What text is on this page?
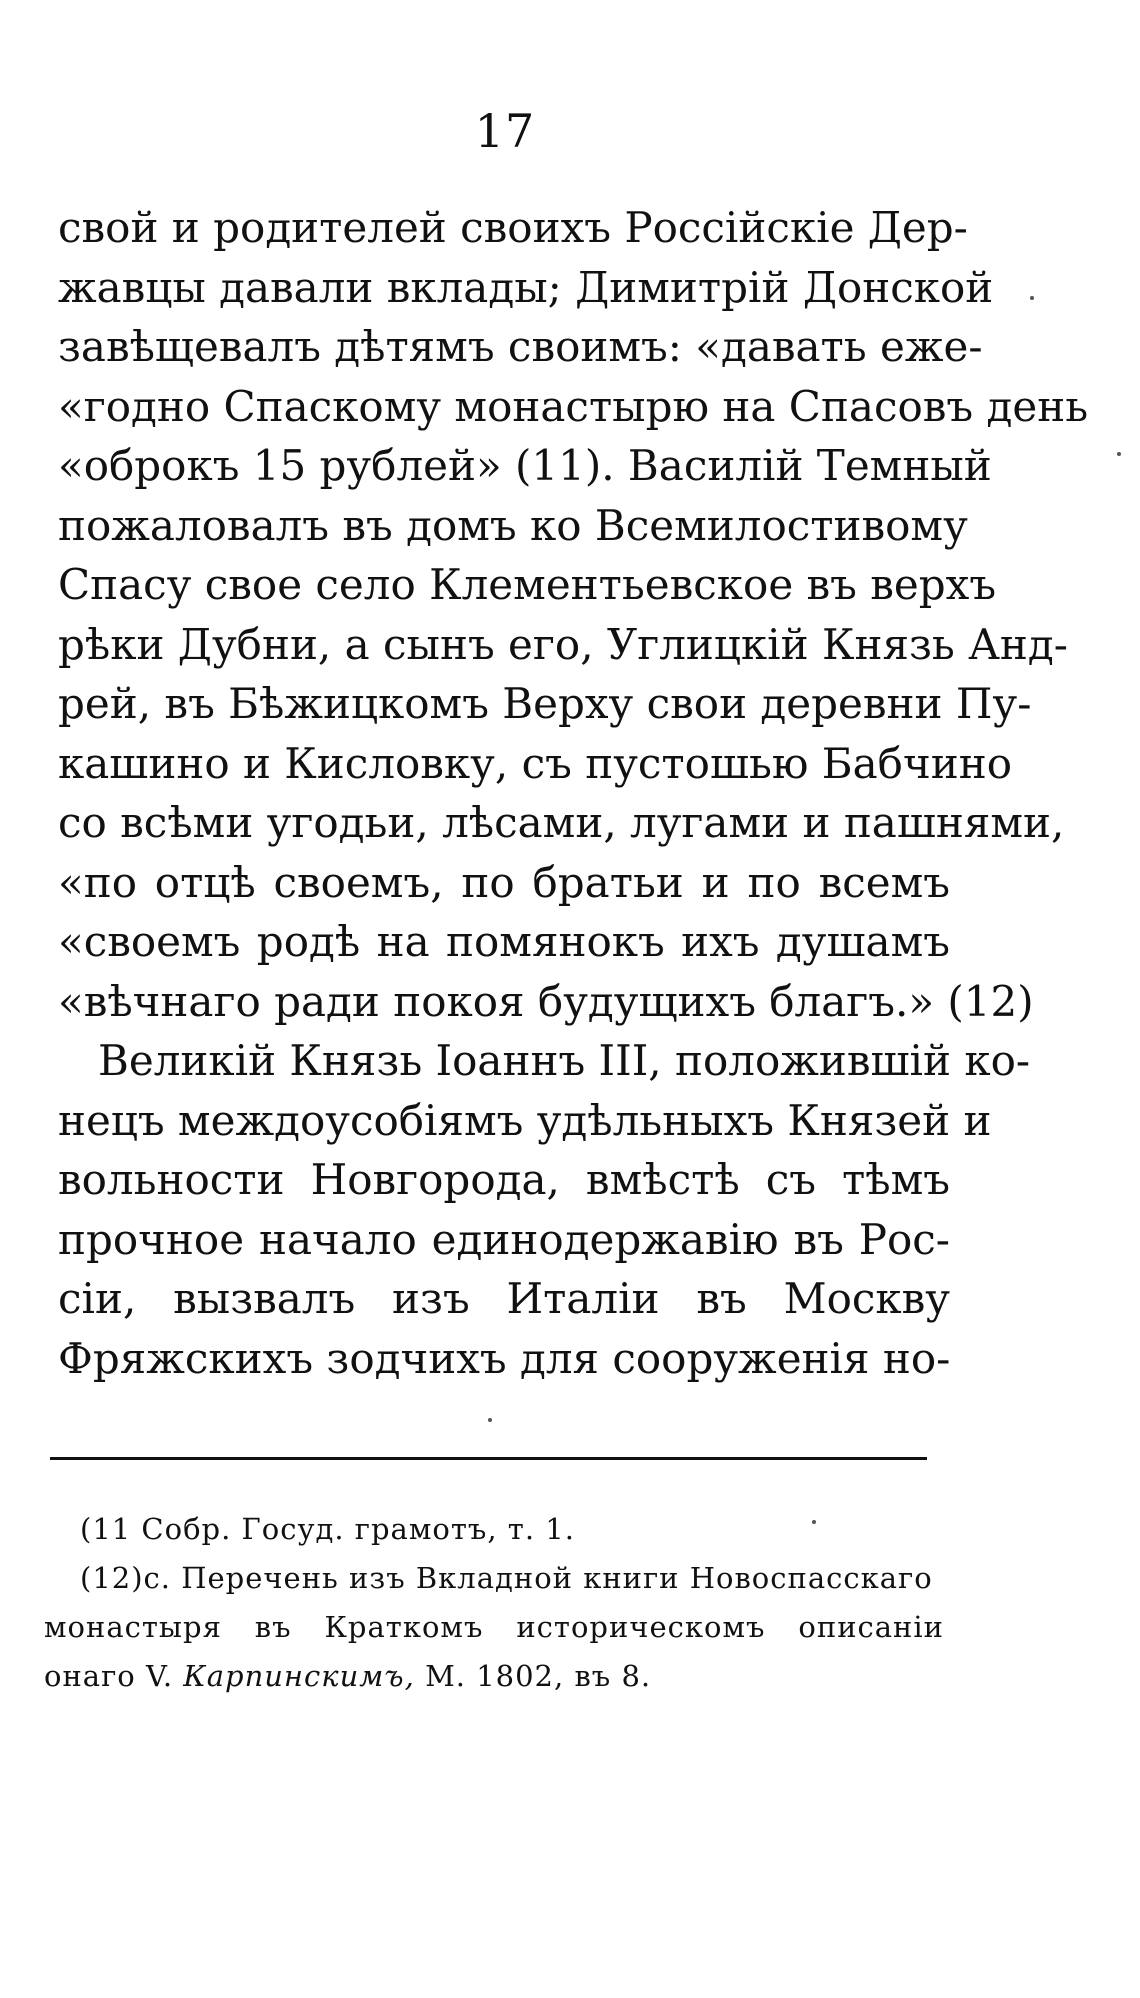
17
свой и родителей своихъ Россійскіе Дер-
жавцы давали вклады; Димитрій Донской
завѣщевалъ дѣтямъ своимъ: «давать еже-
«годно Спаскому монастырю на Спасовъ день
«оброкъ 15 рублей» (11). Василій Темный
пожаловалъ въ домъ ко Всемилостивому
Спасу свое село Клементьевское въ верхъ
рѣки Дубни, а сынъ его, Углицкій Князь Анд-
рей, въ Бѣжицкомъ Верху свои деревни Пу-
кашино и Кисловку, съ пустошью Бабчино
со всѣми угодьи, лѣсами, лугами и пашнями,
«по отцѣ своемъ, по братьи и по всемъ
«своемъ родѣ на помянокъ ихъ душамъ
«вѣчнаго ради покоя будущихъ благъ.» (12)
Великій Князь Іоаннъ III, положившій ко-
нецъ междоусобіямъ удѣльныхъ Князей и
вольности Новгорода, вмѣстѣ съ тѣмъ
прочное начало единодержавію въ Рос-
сіи, вызвалъ изъ Италіи въ Москву
Фряжскихъ зодчихъ для сооруженія но-
(11 Собр. Госуд. грамотъ, т. 1.
(12)с. Перечень изъ Вкладной книги Новоспасскаго
монастыря въ Краткомъ историческомъ описаніи
онаго V. Карпинскимъ, М. 1802, въ 8.
